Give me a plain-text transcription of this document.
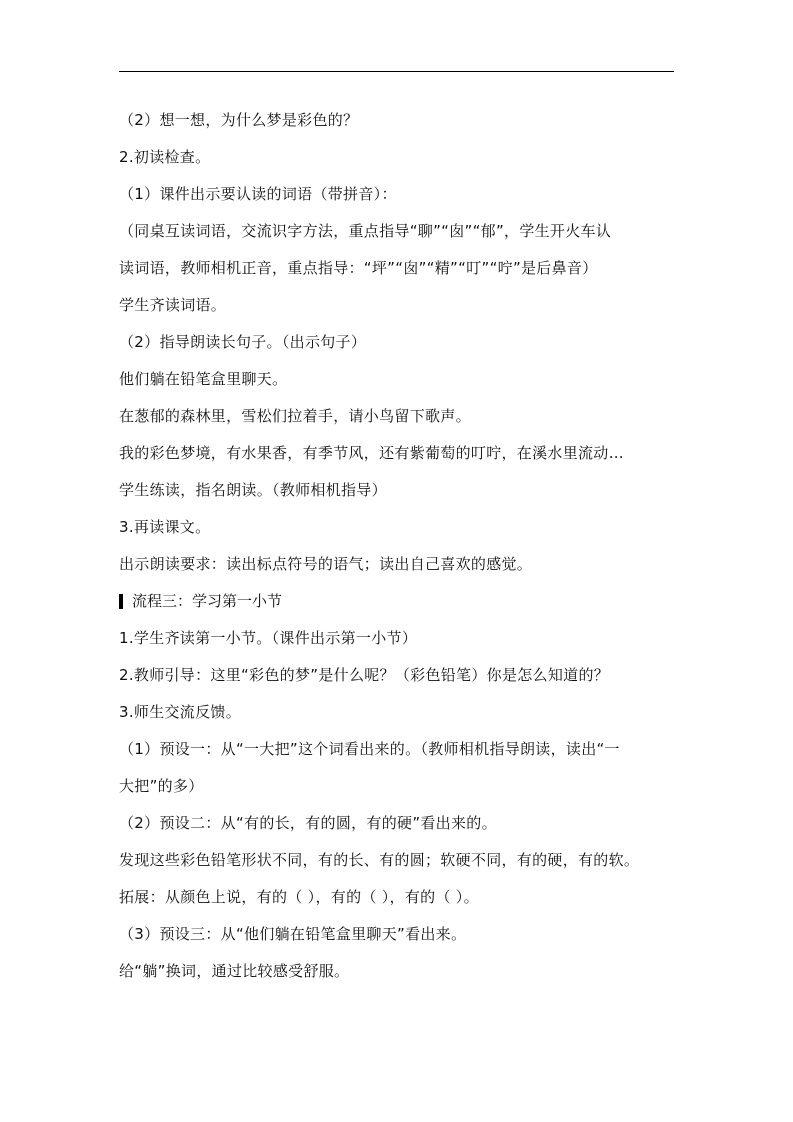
（2）想一想，为什么梦是彩色的？
2.初读检查。
（1）课件出示要认读的词语（带拼音）：
（同桌互读词语，交流识字方法，重点指导“聊”“囱”“郁”，学生开火车认
读词语，教师相机正音，重点指导：“坪”“囱”“精”“叮”“咛”是后鼻音）
学生齐读词语。
（2）指导朗读长句子。（出示句子）
他们躺在铅笔盒里聊天。
在葱郁的森林里，雪松们拉着手，请小鸟留下歌声。
我的彩色梦境，有水果香，有季节风，还有紫葡萄的叮咛，在溪水里流动…
学生练读，指名朗读。（教师相机指导）
3.再读课文。
出示朗读要求：读出标点符号的语气；读出自己喜欢的感觉。
流程三：学习第一小节
1.学生齐读第一小节。（课件出示第一小节）
2.教师引导：这里“彩色的梦”是什么呢？（彩色铅笔）你是怎么知道的？
3.师生交流反馈。
（1）预设一：从“一大把”这个词看出来的。（教师相机指导朗读，读出“一
大把”的多）
（2）预设二：从“有的长，有的圆，有的硬”看出来的。
发现这些彩色铅笔形状不同，有的长、有的圆；软硬不同，有的硬，有的软。
拓展：从颜色上说，有的（ ），有的（ ），有的（ ）。
（3）预设三：从“他们躺在铅笔盒里聊天”看出来。
给“躺”换词，通过比较感受舒服。
